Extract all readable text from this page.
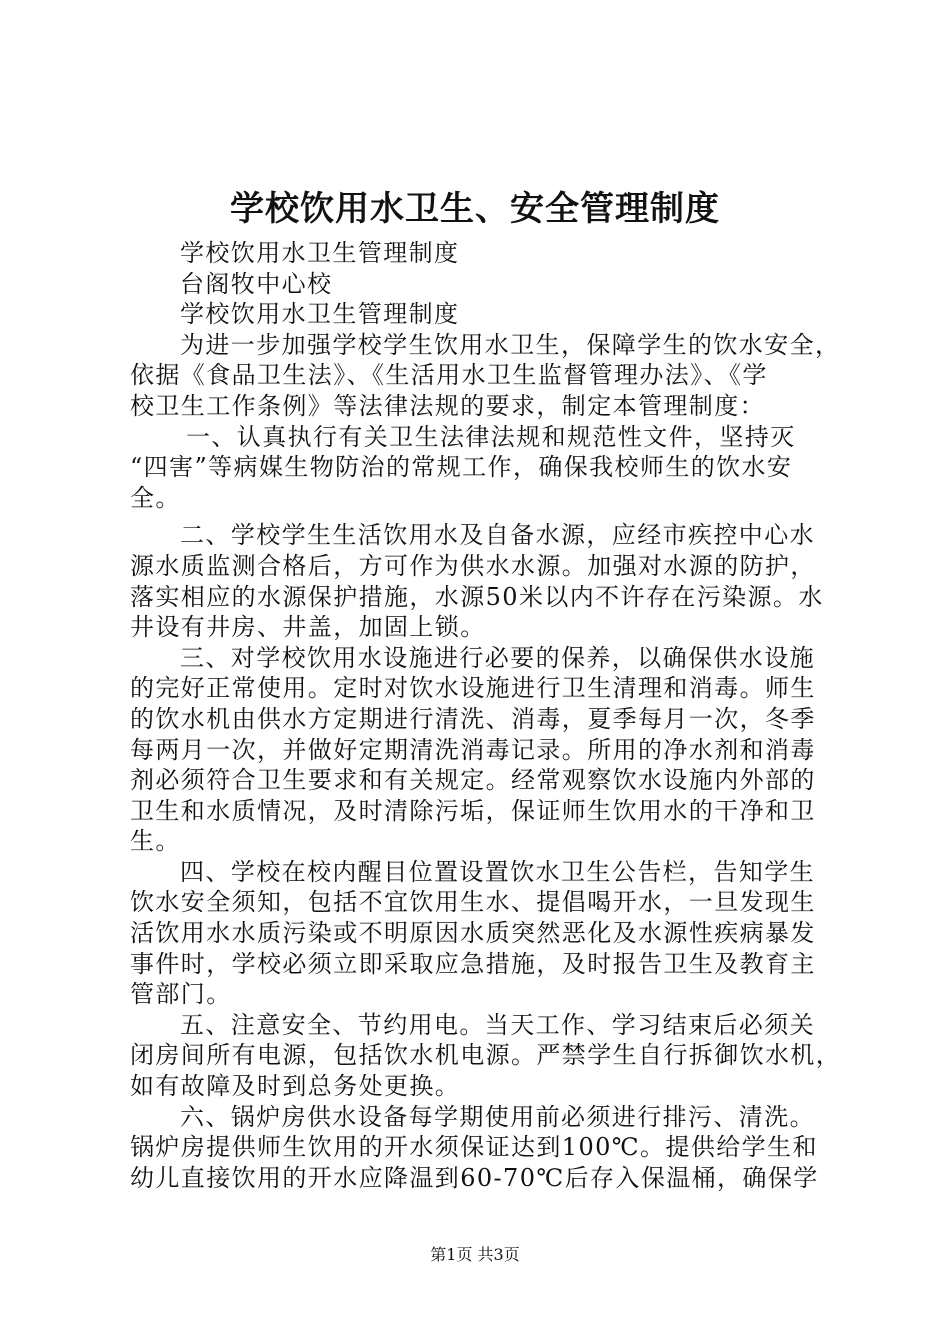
学校饮用水卫生、安全管理制度
学校饮用水卫生管理制度
台阁牧中心校
学校饮用水卫生管理制度
为进一步加强学校学生饮用水卫生，保障学生的饮水安全，
依据《食品卫生法》、《生活用水卫生监督管理办法》、《学
校卫生工作条例》等法律法规的要求，制定本管理制度：
一、认真执行有关卫生法律法规和规范性文件，坚持灭
“四害”等病媒生物防治的常规工作，确保我校师生的饮水安
全。
二、学校学生生活饮用水及自备水源，应经市疾控中心水
源水质监测合格后，方可作为供水水源。加强对水源的防护，
落实相应的水源保护措施，水源50米以内不许存在污染源。水
井设有井房、井盖，加固上锁。
三、对学校饮用水设施进行必要的保养，以确保供水设施
的完好正常使用。定时对饮水设施进行卫生清理和消毒。师生
的饮水机由供水方定期进行清洗、消毒，夏季每月一次，冬季
每两月一次，并做好定期清洗消毒记录。所用的净水剂和消毒
剂必须符合卫生要求和有关规定。经常观察饮水设施内外部的
卫生和水质情况，及时清除污垢，保证师生饮用水的干净和卫
生。
四、学校在校内醒目位置设置饮水卫生公告栏，告知学生
饮水安全须知，包括不宜饮用生水、提倡喝开水，一旦发现生
活饮用水水质污染或不明原因水质突然恶化及水源性疾病暴发
事件时，学校必须立即采取应急措施，及时报告卫生及教育主
管部门。
五、注意安全、节约用电。当天工作、学习结束后必须关
闭房间所有电源，包括饮水机电源。严禁学生自行拆御饮水机，
如有故障及时到总务处更换。
六、锅炉房供水设备每学期使用前必须进行排污、清洗。
锅炉房提供师生饮用的开水须保证达到100℃。提供给学生和
幼儿直接饮用的开水应降温到60-70℃后存入保温桶，确保学
第1页 共3页
